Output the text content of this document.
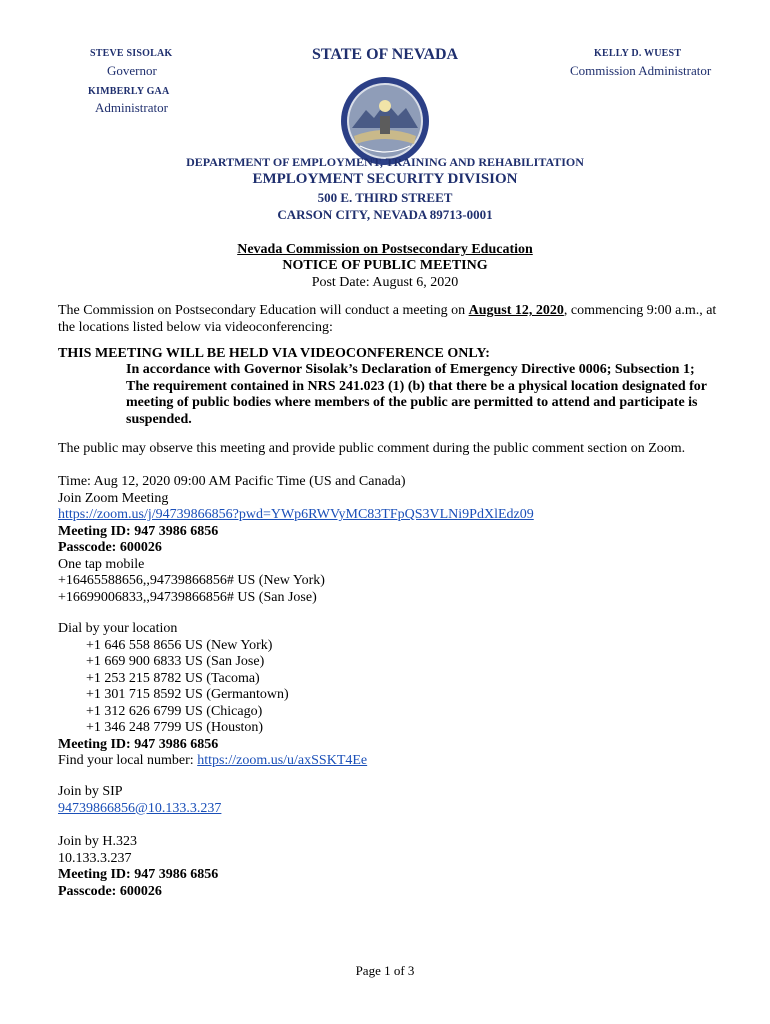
STEVE SISOLAK
Governor
KIMBERLY GAA
Administrator
STATE OF NEVADA	KELLY D. WUEST
Commission Administrator
DEPARTMENT OF EMPLOYMENT, TRAINING AND REHABILITATION
EMPLOYMENT SECURITY DIVISION
500 E. THIRD STREET
CARSON CITY, NEVADA 89713-0001
Nevada Commission on Postsecondary Education
NOTICE OF PUBLIC MEETING
Post Date: August 6, 2020
The Commission on Postsecondary Education will conduct a meeting on August 12, 2020, commencing 9:00 a.m., at
the locations listed below via videoconferencing:
THIS MEETING WILL BE HELD VIA VIDEOCONFERENCE ONLY:
In accordance with Governor Sisolak’s Declaration of Emergency Directive 0006; Subsection 1;
The requirement contained in NRS 241.023 (1) (b) that there be a physical location designated for
meeting of public bodies where members of the public are permitted to attend and participate is
suspended.
The public may observe this meeting and provide public comment during the public comment section on Zoom.
Time: Aug 12, 2020 09:00 AM Pacific Time (US and Canada)
Join Zoom Meeting
https://zoom.us/j/94739866856?pwd=YWp6RWVyMC83TFpQS3VLNi9PdXlEdz09
Meeting ID: 947 3986 6856
Passcode: 600026
One tap mobile
+16465588656,,94739866856# US (New York)
+16699006833,,94739866856# US (San Jose)
Dial by your location
+1 646 558 8656 US (New York)
+1 669 900 6833 US (San Jose)
+1 253 215 8782 US (Tacoma)
+1 301 715 8592 US (Germantown)
+1 312 626 6799 US (Chicago)
+1 346 248 7799 US (Houston)
Meeting ID: 947 3986 6856
Find your local number: https://zoom.us/u/axSSKT4Ee
Join by SIP
94739866856@10.133.3.237
Join by H.323
10.133.3.237
Meeting ID: 947 3986 6856
Passcode: 600026
Page 1 of 3
